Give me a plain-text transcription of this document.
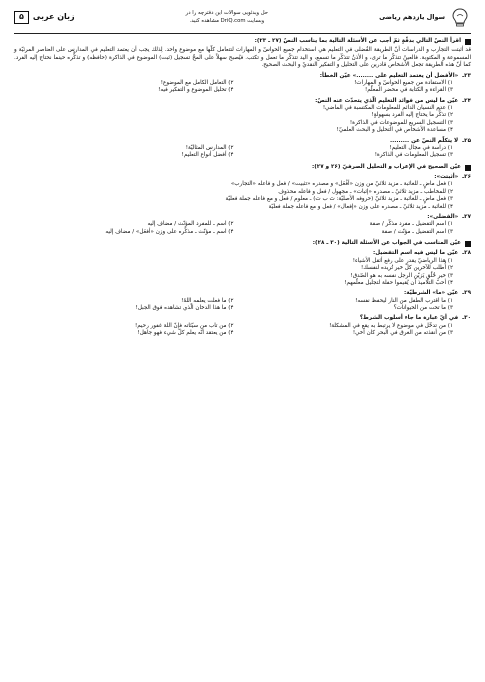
سوال یازدهم ریاضی
حل ویدئویی سوالات این دفترچه را در
وبسایت DriQ.com مشاهده کنید.
زبان عربی
۵
اقرأ النصّ التالي بدقّةٍ ثمّ أجب عن الأسئلة التالية بما يناسب النصّ (۲۷ ـ ۲۳):

قد أثبتت التجارب و الدراسات أنّ الطريقة الفُضلى في التعليم هي استخدام جميع الحواسّ و المهارات لتتعامل كلّها مع موضوع واحد. لِذلك يجب أن يعتمد التعليم في المدارس على العناصر المرئيّة و المسموعة و المكتوبة. فالعينُ تتذكّر ما ترى، و الأذنُ تتذكّر ما تسمع، و اليد تتذكّر ما تعمل و تكتب. فيُصبح سهلاً على المخّ تسجيل (ثبت) الموضوع في الذاكرة (حافظه) و تذكُّره حينما نحتاج إليه الفرد. كما أنّ هذه الطريقة تجعل الأشخاص قادرين على التحليل و التفكير النقديّ و البحث الصحيح.

۲۳ـ
«الأفضل أن يعتمد التعليم على ........» عيّن الخطأ:
۱) الاستفادة من جميع الحواسّ و المهارات!
۲) التعامل الكامل مع الموضوع!
۳) القراءة و الكتابة في محضر المعلّم!
۴) تحليل الموضوع و التفكير فيه!
۲۴ـ
عيّن ما ليس من فوائد التعليم الّذي يتحدّث عنه النصّ:
۱) عدم النسيان الدائم للمعلومات المكتسبة في الماضي!
۲) تذكُّر ما يحتاج إليه الفرد بسهولةٍ!
۳) التسجيل السريع للموضوعات في الذاكرة!
۴) مساعدة الأشخاص في التحليل و البحث العلميّ!
۲۵ـ
لا يتكلّم النصّ عن .........
۱) دراسة في مجال التعليم!
۲) المدارس المثاليّة!
۳) تسجيل المعلومات في الذاكرة!
۴) أفضل أنواع التعليم!
عيّن الصحيح في الإعراب و التحليل الصرفيّ (۲۶ و ۲۷):
۲۶ـ
«أثبتت»:
۱) فعل ماضٍ ـ للغائبة ـ مزيد ثلاثيّ من وزن «أفْعَل» و مصدره «تثبيت» / فعل و فاعله «التجارب»
۲) للمخاطب ـ مزيد ثلاثيّ ـ مصدره «إثبات» ـ مجهول / فعل و فاعله محذوف
۳) فعل ماضٍ ـ للغائبة ـ مزيد ثلاثيّ (حروفه الأصليّة: ث ب ت) ـ معلوم / فعل و مع فاعله جملة فعليّة
۴) للغائبة ـ مزيد ثلاثيّ ـ مصدره على وزن «إفعال» / فعل و مع فاعله جملة فعليّة
۲۷ـ
«الفضلى»:
۱) اسم التفضيل ـ مفرد مذكّر / صفة
۲) اسم ـ للمفرد المؤنّث / مضاف إليه
۳) اسم التفضيل ـ مؤنّث / صفة
۴) اسم ـ مؤنّث ـ مذكّره على وزن «أفعَل» / مضاف إليه
عيّن المناسب في الجواب عن الأسئلة التالية (۳۰ ـ ۲۸):
۲۸ـ
عيّن ما ليس فيه اسم التفضيل:
۱) هذا الرياضيّ يقدر على رفع أثقل الأشياء!
۲) أُطلب للآخرين كلّ خير تُريده لنفسك!
۳) خير خُلُقٍ يَزيّن الرجل نفسه به هو الصّدق!
۴) أحبّ التلاميذ أن يُقيموا حفلة لتجليل معلّمهم!
۲۹ـ
عيّن «ما» الشرطيّة:
۱) ما اقترب الطفل من النار ليحفظ نفسه!
۲) ما فعلت يعلمه اللهُ!
۳) ما تحت من الحيوانات؟
۴) ما هذا الدخان الّذي تشاهده فوق الجبل!
۳۰ـ
في أيّ عبارة ما جاء أسلوب الشرط؟
۱) من تدخّل في موضوع لا يرتبط به يقع في المشكلة!
۲) من تاب من سيّئاته فإنّ اللهَ غفور رحيم!
۳) من أنقذته من الغرق في البحر كان أخي!
۴) من يعتقد أنّه يعلم كلّ شيء فهو جاهل!
